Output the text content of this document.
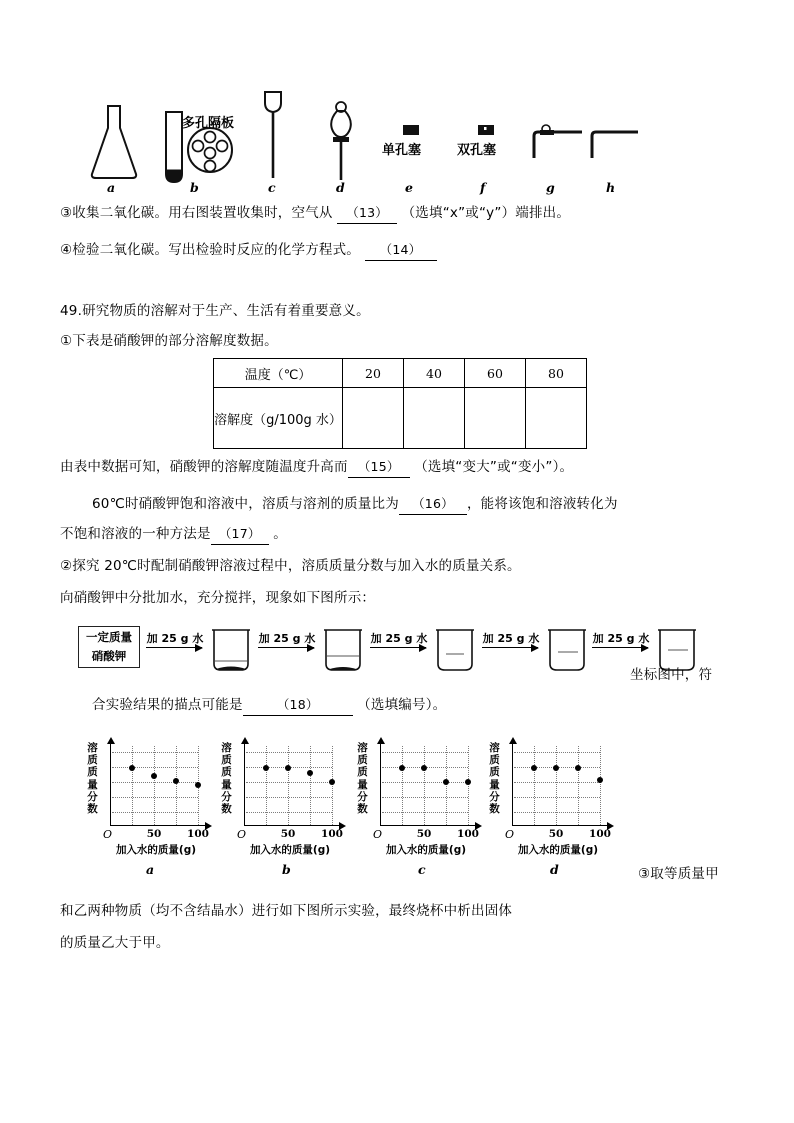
a
多孔隔板
b	c	d
单孔塞
e
双孔塞
f	g	h
③收集二氧化碳。用右图装置收集时，空气从 （13） （选填“x”或“y”）端排出。
④检验二氧化碳。写出检验时反应的化学方程式。 （14）
49.研究物质的溶解对于生产、生活有着重要意义。
①下表是硝酸钾的部分溶解度数据。
温度（℃）	20	40	60	80
溶解度（g/100g 水）				
由表中数据可知，硝酸钾的溶解度随温度升高而 （15） （选填“变大”或“变小”）。
60℃时硝酸钾饱和溶液中，溶质与溶剂的质量比为 （16） ，能将该饱和溶液转化为
不饱和溶液的一种方法是 （17） 。
②探究 20℃时配制硝酸钾溶液过程中，溶质质量分数与加入水的质量关系。
向硝酸钾中分批加水，充分搅拌，现象如下图所示：
一定质量
硝酸钾
加 25 g 水	加 25 g 水	加 25 g 水	加 25 g 水	加 25 g 水
坐标图中，符
合实验结果的描点可能是	（18）	（选填编号）。
溶质质量分数
O	50 100
加入水的质量(g)
a
溶质质量分数
O	50 100
加入水的质量(g)
b
溶质质量分数
O	50 100
加入水的质量(g)
c
溶质质量分数
O	50 100
加入水的质量(g)
d	③取等质量甲
和乙两种物质（均不含结晶水）进行如下图所示实验，最终烧杯中析出固体
的质量乙大于甲。
